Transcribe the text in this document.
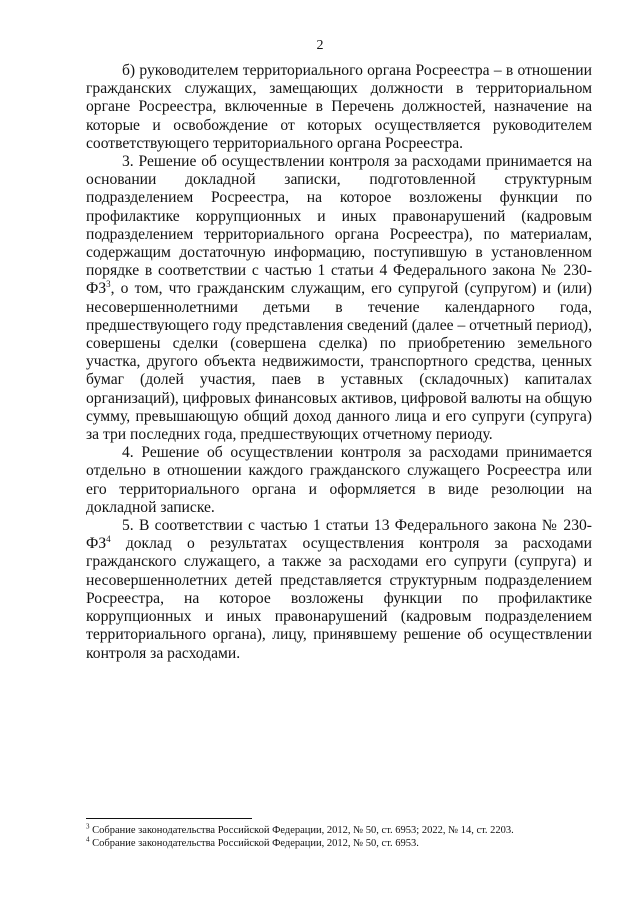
2

б) руководителем территориального органа Росреестра – в отношении гражданских служащих, замещающих должности в территориальном органе Росреестра, включенные в Перечень должностей, назначение на которые и освобождение от которых осуществляется руководителем соответствующего территориального органа Росреестра.

3. Решение об осуществлении контроля за расходами принимается на основании докладной записки, подготовленной структурным подразделением Росреестра, на которое возложены функции по профилактике коррупционных и иных правонарушений (кадровым подразделением территориального органа Росреестра), по материалам, содержащим достаточную информацию, поступившую в установленном порядке в соответствии с частью 1 статьи 4 Федерального закона № $230-ФЗ^3$, о том, что гражданским служащим, его супругой (супругом) и (или) несовершеннолетними детьми в течение календарного года, предшествующего году представления сведений (далее – отчетный период), совершены сделки (совершена сделка) по приобретению земельного участка, другого объекта недвижимости, транспортного средства, ценных бумаг (долей участия, паев в уставных (складочных) капиталах организаций), цифровых финансовых активов, цифровой валюты на общую сумму, превышающую общий доход данного лица и его супруги (супруга) за три последних года, предшествующих отчетному периоду.

4. Решение об осуществлении контроля за расходами принимается отдельно в отношении каждого гражданского служащего Росреестра или его территориального органа и оформляется в виде резолюции на докладной записке.

5. В соответствии с частью 1 статьи 13 Федерального закона № $230-ФЗ^4$ доклад о результатах осуществления контроля за расходами гражданского служащего, а также за расходами его супруги (супруга) и несовершеннолетних детей представляется структурным подразделением Росреестра, на которое возложены функции по профилактике коррупционных и иных правонарушений (кадровым подразделением территориального органа), лицу, принявшему решение об осуществлении контроля за расходами.

$^3$ Собрание законодательства Российской Федерации, 2012, № 50, ст. 6953; 2022, № 14, ст. 2203.

$^4$ Собрание законодательства Российской Федерации, 2012, № 50, ст. 6953.
